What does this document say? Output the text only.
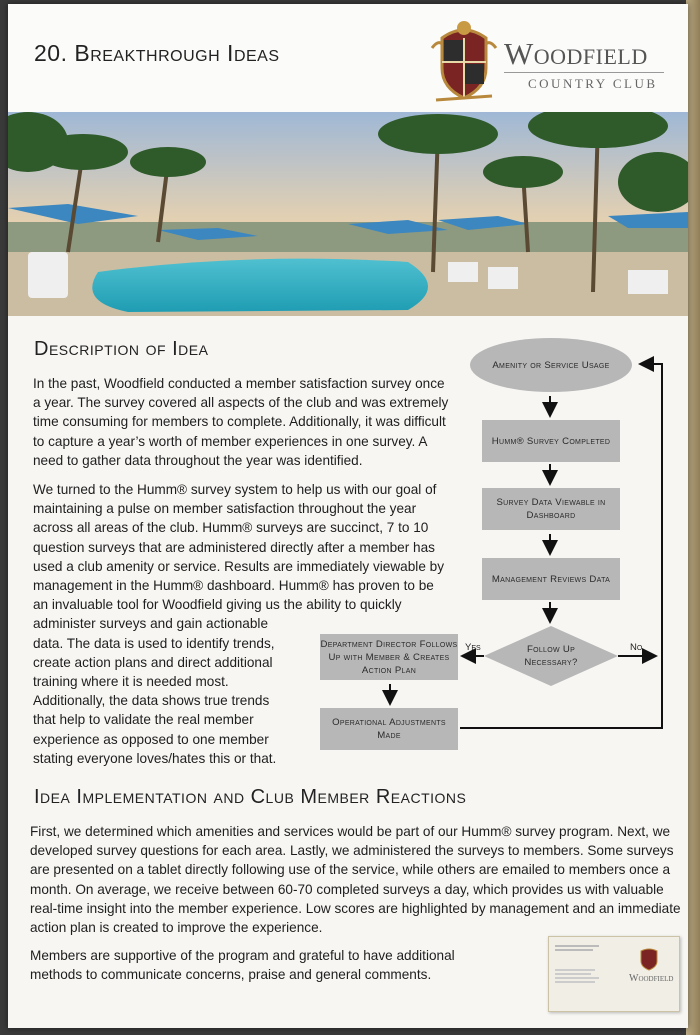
20. Breakthrough Ideas	Woodfield
COUNTRY CLUB
Description of Idea

In the past, Woodfield conducted a member satisfaction survey once a year. The survey covered all aspects of the club and was extremely time consuming for members to complete. Additionally, it was difficult to capture a year’s worth of member experiences in one survey. A need to gather data throughout the year was identified.

We turned to the Humm® survey system to help us with our goal of
maintaining a pulse on member satisfaction throughout the year
across all areas of the club. Humm® surveys are succinct, 7 to 10
question surveys that are administered directly after a member has
used a club amenity or service. Results are immediately viewable by
management in the Humm® dashboard. Humm® has proven to be
an invaluable tool for Woodfield giving us the ability to quickly
administer surveys and gain actionable
data. The data is used to identify trends,
create action plans and direct additional
training where it is needed most.
Additionally, the data shows true trends
that help to validate the real member
experience as opposed to one member
stating everyone loves/hates this or that.
Amenity or Service Usage
Humm® Survey Completed
Survey Data Viewable in Dashboard
Management Reviews Data
Follow Up Necessary?
Yes	No
Department Director Follows Up with Member & Creates Action Plan
Operational Adjustments Made
Idea Implementation and Club Member Reactions

First, we determined which amenities and services would be part of our Humm® survey program. Next, we developed survey questions for each area. Lastly, we administered the surveys to members. Some surveys are presented on a tablet directly following use of the service, while others are emailed to members once a month. On average, we receive between 60-70 completed surveys a day, which provides us with valuable real-time insight into the member experience. Low scores are highlighted by management and an immediate action plan is created to improve the experience.

Members are supportive of the program and grateful to have additional methods to communicate concerns, praise and general comments.	Woodfield
